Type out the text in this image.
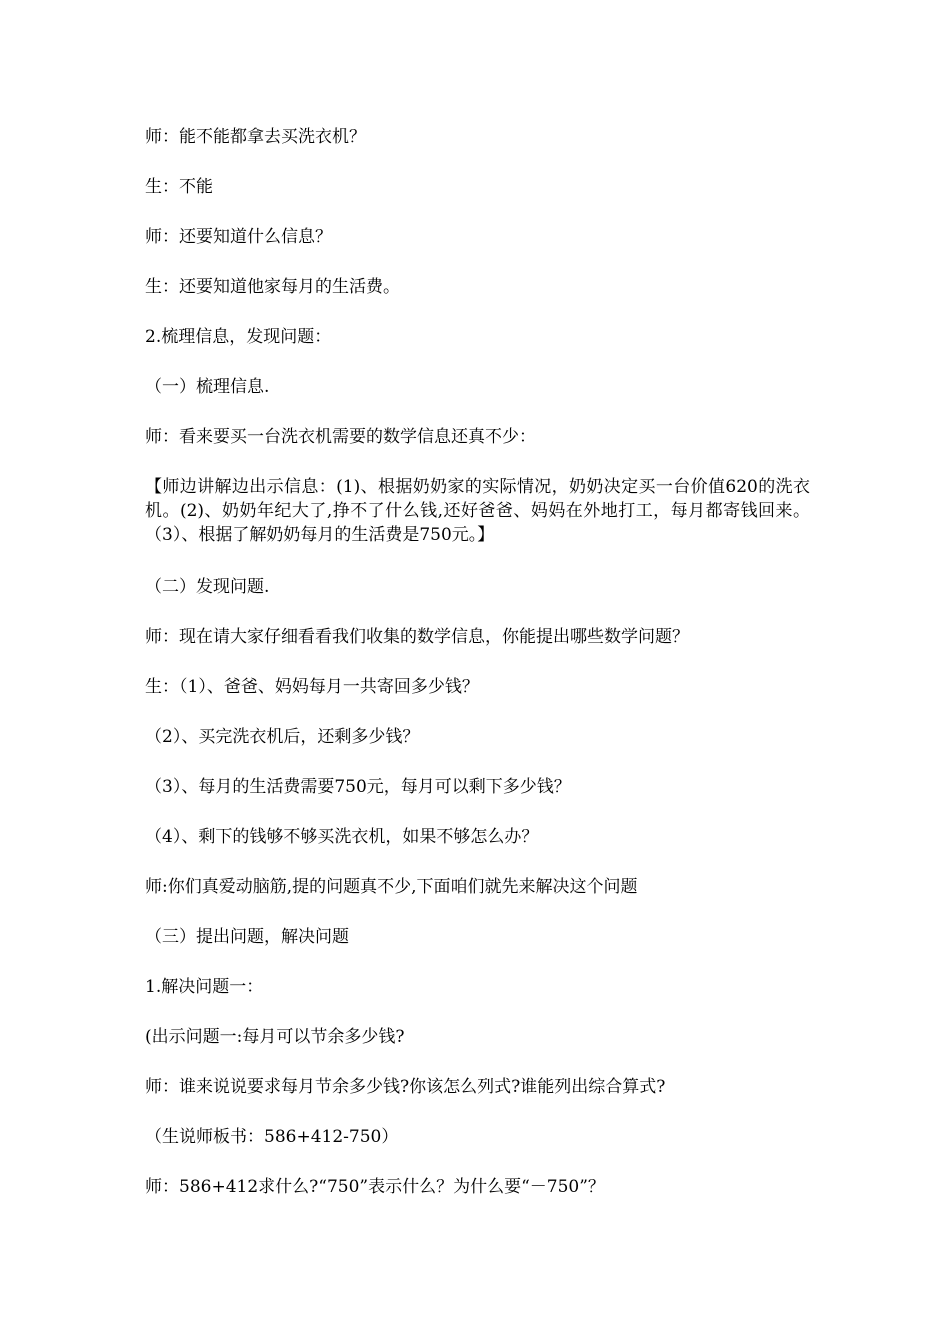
师：能不能都拿去买洗衣机？

生：不能

师：还要知道什么信息？

生：还要知道他家每月的生活费。

2.梳理信息，发现问题：

（一）梳理信息.

师：看来要买一台洗衣机需要的数学信息还真不少：

【师边讲解边出示信息：(1)、根据奶奶家的实际情况，奶奶决定买一台价值620的洗衣机。(2)、奶奶年纪大了,挣不了什么钱,还好爸爸、妈妈在外地打工，每月都寄钱回来。（3）、根据了解奶奶每月的生活费是750元。】

（二）发现问题.

师：现在请大家仔细看看我们收集的数学信息，你能提出哪些数学问题？

生：（1）、爸爸、妈妈每月一共寄回多少钱？

（2）、买完洗衣机后，还剩多少钱？

（3）、每月的生活费需要750元，每月可以剩下多少钱？

（4）、剩下的钱够不够买洗衣机，如果不够怎么办？

师:你们真爱动脑筋,提的问题真不少,下面咱们就先来解决这个问题

（三）提出问题，解决问题

1.解决问题一：

(出示问题一:每月可以节余多少钱?

师：谁来说说要求每月节余多少钱?你该怎么列式?谁能列出综合算式?

（生说师板书：586+412-750）

师：586+412求什么?“750”表示什么？为什么要“－750”？
